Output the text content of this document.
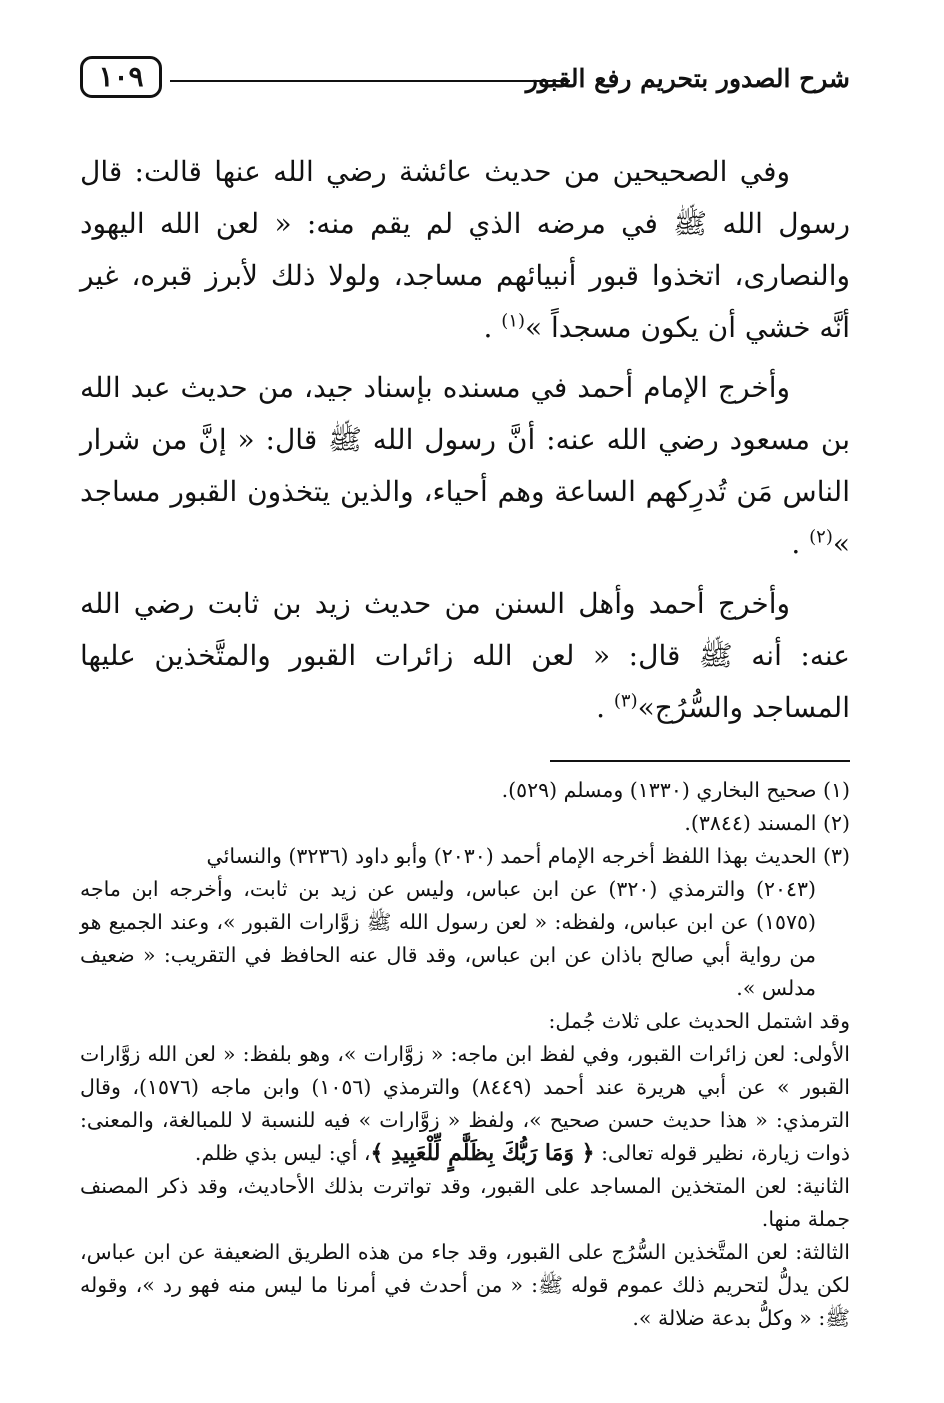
شرح الصدور بتحريم رفع القبور
١٠٩

وفي الصحيحين من حديث عائشة رضي الله عنها قالت: قال رسول الله ﷺ في مرضه الذي لم يقم منه: « لعن الله اليهود والنصارى، اتخذوا قبور أنبيائهم مساجد، ولولا ذلك لأبرز قبره، غير أنَّه خشي أن يكون مسجداً »$^{(١)}$ .

وأخرج الإمام أحمد في مسنده بإسناد جيد، من حديث عبد الله بن مسعود رضي الله عنه: أنَّ رسول الله ﷺ قال: « إنَّ من شرار الناس مَن تُدرِكهم الساعة وهم أحياء، والذين يتخذون القبور مساجد »$^{(٢)}$ .

وأخرج أحمد وأهل السنن من حديث زيد بن ثابت رضي الله عنه: أنه ﷺ قال: « لعن الله زائرات القبور والمتَّخذين عليها المساجد والسُّرُج»$^{(٣)}$ .

(١) صحيح البخاري (١٣٣٠) ومسلم (٥٢٩).

(٢) المسند (٣٨٤٤).

(٣) الحديث بهذا اللفظ أخرجه الإمام أحمد (٢٠٣٠) وأبو داود (٣٢٣٦) والنسائي

(٢٠٤٣) والترمذي (٣٢٠) عن ابن عباس، وليس عن زيد بن ثابت، وأخرجه ابن ماجه (١٥٧٥) عن ابن عباس، ولفظه: « لعن رسول الله ﷺ زوَّارات القبور »، وعند الجميع هو من رواية أبي صالح باذان عن ابن عباس، وقد قال عنه الحافظ في التقريب: « ضعيف مدلس ».

وقد اشتمل الحديث على ثلاث جُمل:

الأولى: لعن زائرات القبور، وفي لفظ ابن ماجه: « زوَّارات »، وهو بلفظ: « لعن الله زوَّارات القبور » عن أبي هريرة عند أحمد (٨٤٤٩) والترمذي (١٠٥٦) وابن ماجه (١٥٧٦)، وقال الترمذي: « هذا حديث حسن صحيح »، ولفظ « زوَّارات » فيه للنسبة لا للمبالغة، والمعنى: ذوات زيارة، نظير قوله تعالى: ﴿ وَمَا رَبُّكَ بِظَلَّٰمٍ لِّلْعَبِيدِ ﴾، أي: ليس بذي ظلم.

الثانية: لعن المتخذين المساجد على القبور، وقد تواترت بذلك الأحاديث، وقد ذكر المصنف جملة منها.

الثالثة: لعن المتَّخذين السُّرُج على القبور، وقد جاء من هذه الطريق الضعيفة عن ابن عباس، لكن يدلُّ لتحريم ذلك عموم قوله ﷺ: « من أحدث في أمرنا ما ليس منه فهو رد »، وقوله ﷺ: « وكلُّ بدعة ضلالة ».
